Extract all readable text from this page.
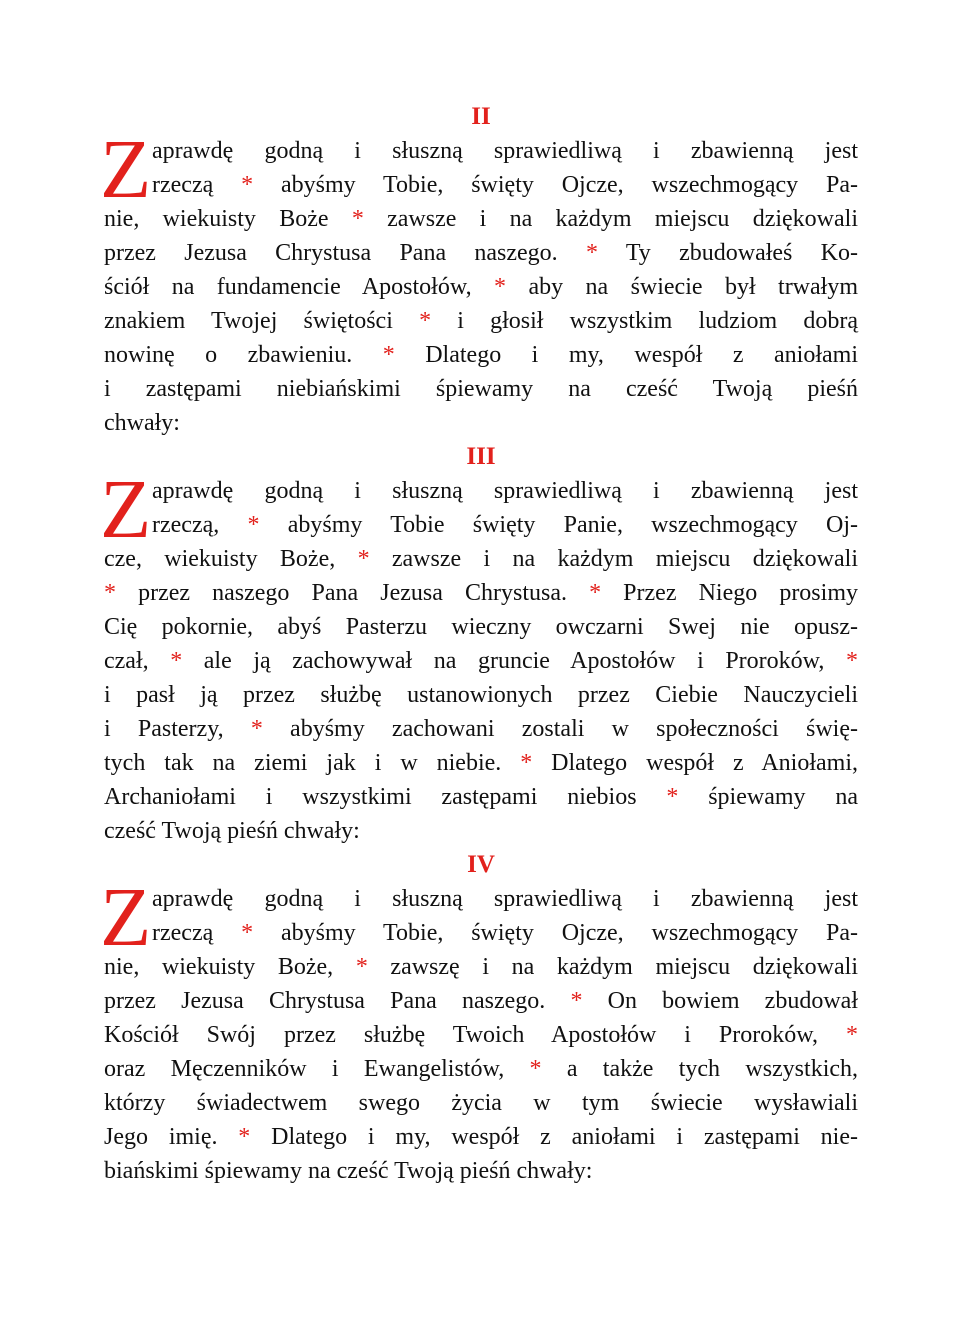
II
Z aprawdę godną i słuszną sprawiedliwą i zbawienną jest
rzeczą * abyśmy Tobie, święty Ojcze, wszechmogący Pa-
nie, wiekuisty Boże * zawsze i na każdym miejscu dziękowali
przez Jezusa Chrystusa Pana naszego. * Ty zbudowałeś Ko-
ściół na fundamencie Apostołów, * aby na świecie był trwałym
znakiem Twojej świętości * i głosił wszystkim ludziom dobrą
nowinę o zbawieniu. * Dlatego i my, wespół z aniołami
i zastępami niebiańskimi śpiewamy na cześć Twoją pieśń
chwały:
III
Z aprawdę godną i słuszną sprawiedliwą i zbawienną jest
rzeczą, * abyśmy Tobie święty Panie, wszechmogący Oj-
cze, wiekuisty Boże, * zawsze i na każdym miejscu dziękowali
* przez naszego Pana Jezusa Chrystusa. * Przez Niego prosimy
Cię pokornie, abyś Pasterzu wieczny owczarni Swej nie opusz-
czał, * ale ją zachowywał na gruncie Apostołów i Proroków, *
i pasł ją przez służbę ustanowionych przez Ciebie Nauczycieli
i Pasterzy, * abyśmy zachowani zostali w społeczności świę-
tych tak na ziemi jak i w niebie. * Dlatego wespół z Aniołami,
Archaniołami i wszystkimi zastępami niebios * śpiewamy na
cześć Twoją pieśń chwały:
IV
Z aprawdę godną i słuszną sprawiedliwą i zbawienną jest
rzeczą * abyśmy Tobie, święty Ojcze, wszechmogący Pa-
nie, wiekuisty Boże, * zawszę i na każdym miejscu dziękowali
przez Jezusa Chrystusa Pana naszego. * On bowiem zbudował
Kościół Swój przez służbę Twoich Apostołów i Proroków, *
oraz Męczenników i Ewangelistów, * a także tych wszystkich,
którzy świadectwem swego życia w tym świecie wysławiali
Jego imię. * Dlatego i my, wespół z aniołami i zastępami nie-
biańskimi śpiewamy na cześć Twoją pieśń chwały:
